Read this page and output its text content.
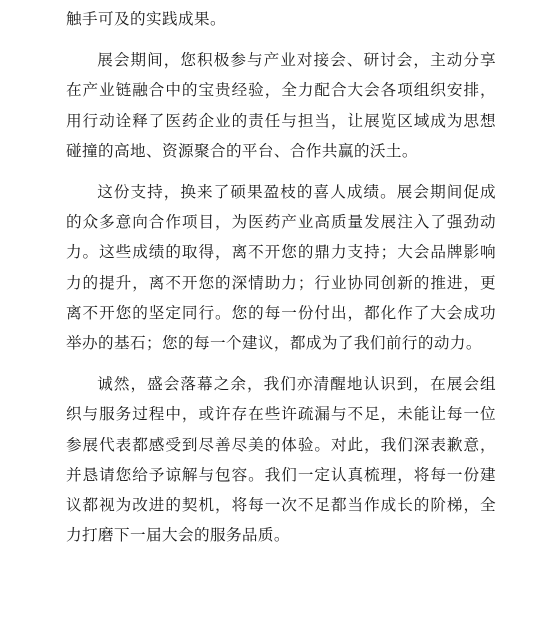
触手可及的实践成果。

展会期间，您积极参与产业对接会、研讨会，主动分享在产业链融合中的宝贵经验，全力配合大会各项组织安排，用行动诠释了医药企业的责任与担当，让展览区域成为思想碰撞的高地、资源聚合的平台、合作共赢的沃土。

这份支持，换来了硕果盈枝的喜人成绩。展会期间促成的众多意向合作项目，为医药产业高质量发展注入了强劲动力。这些成绩的取得，离不开您的鼎力支持；大会品牌影响力的提升，离不开您的深情助力；行业协同创新的推进，更离不开您的坚定同行。您的每一份付出，都化作了大会成功举办的基石；您的每一个建议，都成为了我们前行的动力。

诚然，盛会落幕之余，我们亦清醒地认识到，在展会组织与服务过程中，或许存在些许疏漏与不足，未能让每一位参展代表都感受到尽善尽美的体验。对此，我们深表歉意，并恳请您给予谅解与包容。我们一定认真梳理，将每一份建议都视为改进的契机，将每一次不足都当作成长的阶梯，全力打磨下一届大会的服务品质。
